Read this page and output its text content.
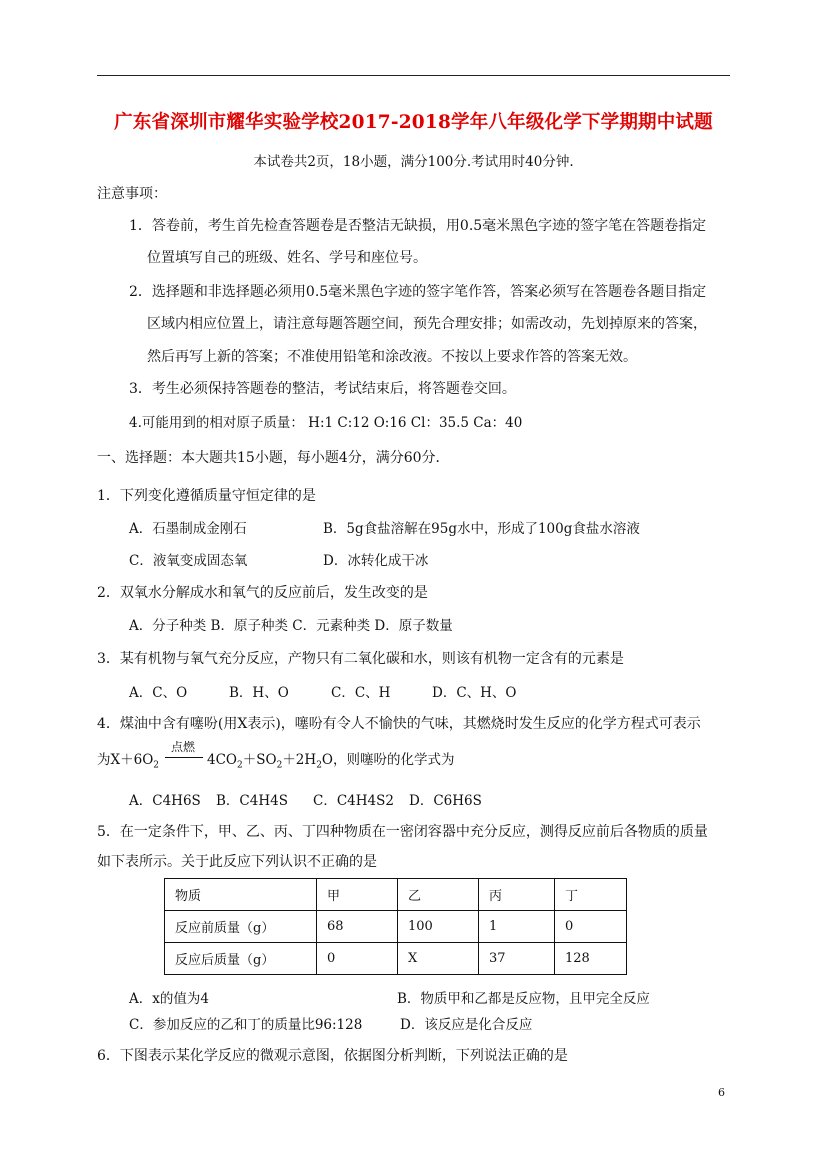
广东省深圳市耀华实验学校2017-2018学年八年级化学下学期期中试题
本试卷共2页，18小题，满分100分.考试用时40分钟.
注意事项：
1．答卷前，考生首先检查答题卷是否整洁无缺损，用0.5毫米黑色字迹的签字笔在答题卷指定
位置填写自己的班级、姓名、学号和座位号。
2．选择题和非选择题必须用0.5毫米黑色字迹的签字笔作答，答案必须写在答题卷各题目指定
区域内相应位置上，请注意每题答题空间，预先合理安排；如需改动，先划掉原来的答案，
然后再写上新的答案；不准使用铅笔和涂改液。不按以上要求作答的答案无效。
3．考生必须保持答题卷的整洁，考试结束后，将答题卷交回。
4.可能用到的相对原子质量： H:1 C:12 O:16 Cl：35.5 Ca：40
一、选择题：本大题共15小题，每小题4分，满分60分．
1．下列变化遵循质量守恒定律的是
A．石墨制成金刚石	B．5g食盐溶解在95g水中，形成了100g食盐水溶液
C．液氧变成固态氧	D．冰转化成干冰
2．双氧水分解成水和氧气的反应前后，发生改变的是
A．分子种类 B．原子种类 C．元素种类 D．原子数量
3．某有机物与氧气充分反应，产物只有二氧化碳和水，则该有机物一定含有的元素是
A．C、O	B．H、O	C．C、H	D．C、H、O
4．煤油中含有噻吩(用X表示)，噻吩有令人不愉快的气味，其燃烧时发生反应的化学方程式可表示
点燃
为$X+6O_2$	$4CO_2+SO_2+2H_2O$，则噻吩的化学式为
A．C4H6S B．C4H4S C．C4H4S2 D．C6H6S
5．在一定条件下，甲、乙、丙、丁四种物质在一密闭容器中充分反应，测得反应前后各物质的质量
如下表所示。关于此反应下列认识不正确的是
物质	甲	乙	丙	丁
反应前质量（g）	68	100	1	0
反应后质量（g）	0	X	37	128
A．x的值为4	B．物质甲和乙都是反应物，且甲完全反应
C．参加反应的乙和丁的质量比96:128	D．该反应是化合反应
6．下图表示某化学反应的微观示意图，依据图分析判断，下列说法正确的是
6
